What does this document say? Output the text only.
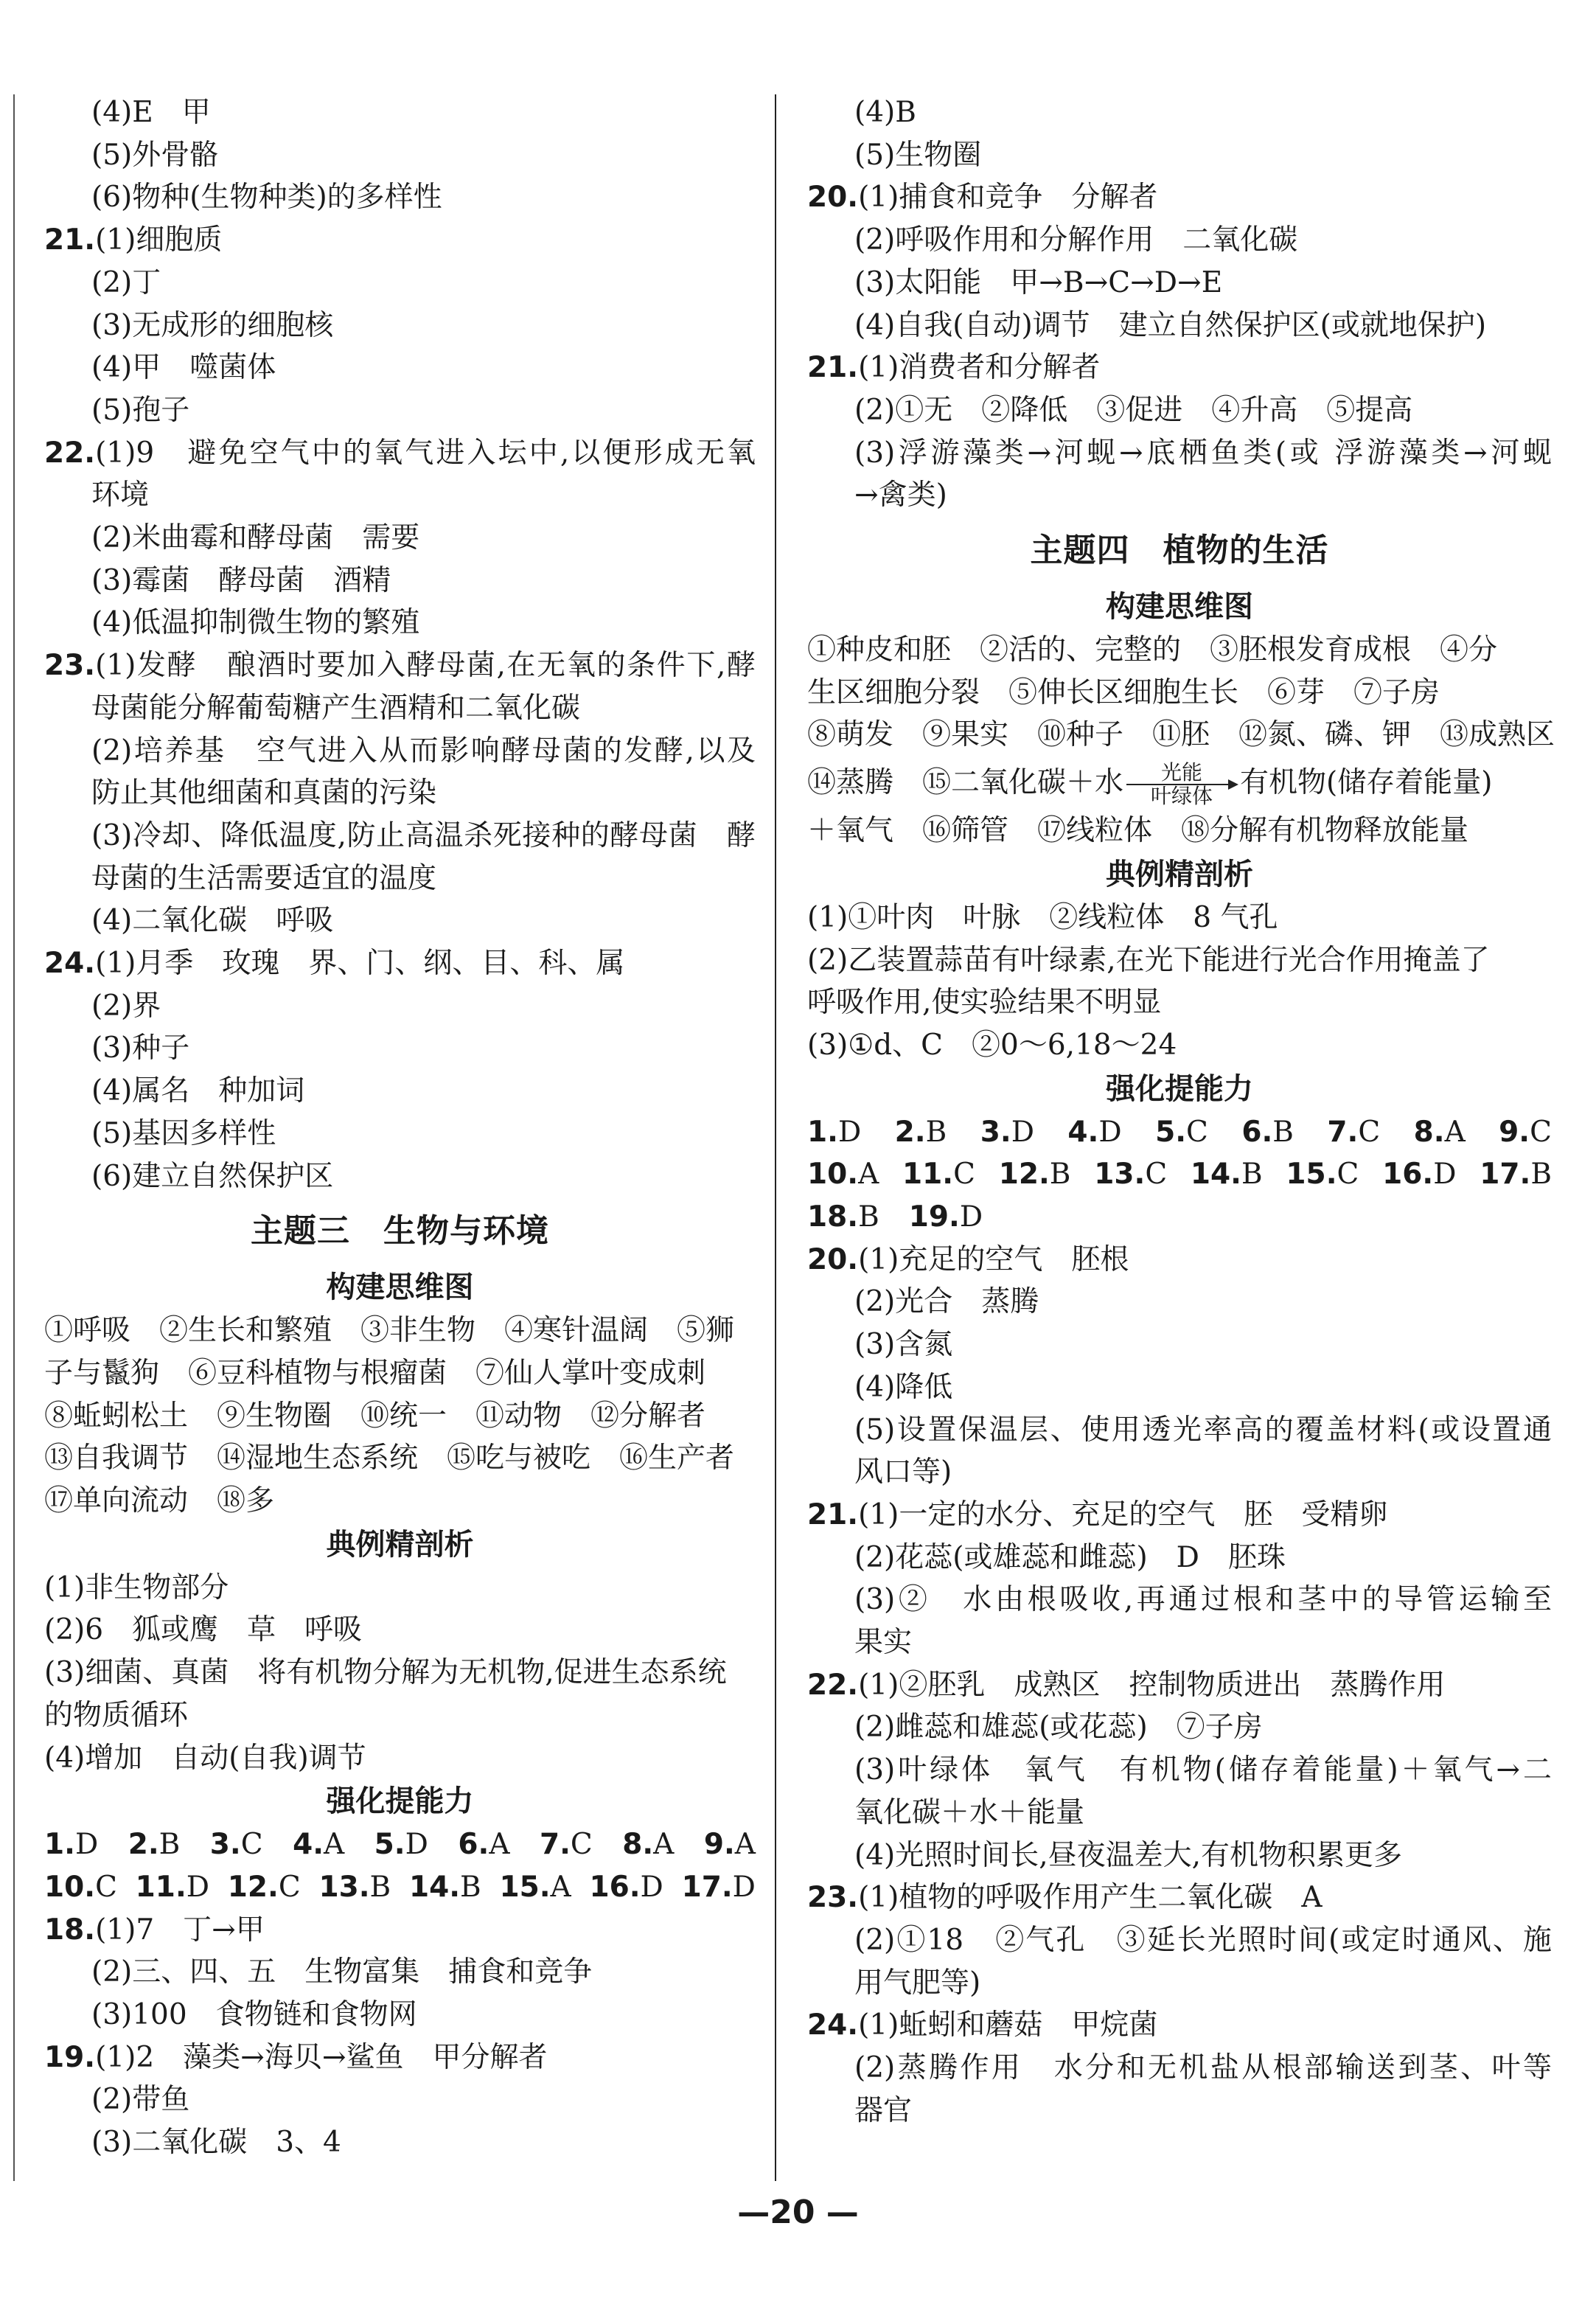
(4)E　甲
(5)外骨骼
(6)物种(生物种类)的多样性
21.(1)细胞质
(2)丁
(3)无成形的细胞核
(4)甲　噬菌体
(5)孢子
22.(1)9　避免空气中的氧气进入坛中,以便形成无氧
环境
(2)米曲霉和酵母菌　需要
(3)霉菌　酵母菌　酒精
(4)低温抑制微生物的繁殖
23.(1)发酵　酿酒时要加入酵母菌,在无氧的条件下,酵
母菌能分解葡萄糖产生酒精和二氧化碳
(2)培养基　空气进入从而影响酵母菌的发酵,以及
防止其他细菌和真菌的污染
(3)冷却、降低温度,防止高温杀死接种的酵母菌　酵
母菌的生活需要适宜的温度
(4)二氧化碳　呼吸
24.(1)月季　玫瑰　界、门、纲、目、科、属
(2)界
(3)种子
(4)属名　种加词
(5)基因多样性
(6)建立自然保护区
主题三　生物与环境
构建思维图
①呼吸　②生长和繁殖　③非生物　④寒针温阔　⑤狮
子与鬣狗　⑥豆科植物与根瘤菌　⑦仙人掌叶变成刺
⑧蚯蚓松土　⑨生物圈　⑩统一　⑪动物　⑫分解者
⑬自我调节　⑭湿地生态系统　⑮吃与被吃　⑯生产者
⑰单向流动　⑱多
典例精剖析
(1)非生物部分
(2)6　狐或鹰　草　呼吸
(3)细菌、真菌　将有机物分解为无机物,促进生态系统
的物质循环
(4)增加　自动(自我)调节
强化提能力
1.D 2.B 3.C 4.A 5.D 6.A 7.C 8.A 9.A
10.C 11.D 12.C 13.B 14.B 15.A 16.D 17.D
18.(1)7　丁→甲
(2)三、四、五　生物富集　捕食和竞争
(3)100　食物链和食物网
19.(1)2　藻类→海贝→鲨鱼　甲分解者
(2)带鱼
(3)二氧化碳　3、4
(4)B
(5)生物圈
20.(1)捕食和竞争　分解者
(2)呼吸作用和分解作用　二氧化碳
(3)太阳能　甲→B→C→D→E
(4)自我(自动)调节　建立自然保护区(或就地保护)
21.(1)消费者和分解者
(2)①无　②降低　③促进　④升高　⑤提高
(3)浮游藻类→河蚬→底栖鱼类(或 浮游藻类→河蚬
→禽类)
主题四　植物的生活
构建思维图
①种皮和胚　②活的、完整的　③胚根发育成根　④分
生区细胞分裂　⑤伸长区细胞生长　⑥芽　⑦子房
⑧萌发　⑨果实　⑩种子　⑪胚　⑫氮、磷、钾　⑬成熟区
⑭蒸腾　⑮二氧化碳＋水 $\frac{\text{光能}}{\text{叶绿体}}$ 有机物(储存着能量)
＋氧气　⑯筛管　⑰线粒体　⑱分解有机物释放能量
典例精剖析
(1)①叶肉　叶脉　②线粒体　8 气孔
(2)乙装置蒜苗有叶绿素,在光下能进行光合作用掩盖了
呼吸作用,使实验结果不明显
(3)①d、C　②0～6,18～24
强化提能力
1.D 2.B 3.D 4.D 5.C 6.B 7.C 8.A 9.C
10.A 11.C 12.B 13.C 14.B 15.C 16.D 17.B
18.B 19.D
20.(1)充足的空气　胚根
(2)光合　蒸腾
(3)含氮
(4)降低
(5)设置保温层、使用透光率高的覆盖材料(或设置通
风口等)
21.(1)一定的水分、充足的空气　胚　受精卵
(2)花蕊(或雄蕊和雌蕊)　D　胚珠
(3)②　水由根吸收,再通过根和茎中的导管运输至
果实
22.(1)②胚乳　成熟区　控制物质进出　蒸腾作用
(2)雌蕊和雄蕊(或花蕊)　⑦子房
(3)叶绿体　氧气　有机物(储存着能量)＋氧气→二
氧化碳＋水＋能量
(4)光照时间长,昼夜温差大,有机物积累更多
23.(1)植物的呼吸作用产生二氧化碳　A
(2)①18　②气孔　③延长光照时间(或定时通风、施
用气肥等)
24.(1)蚯蚓和蘑菇　甲烷菌
(2)蒸腾作用　水分和无机盐从根部输送到茎、叶等
器官
—20 —
